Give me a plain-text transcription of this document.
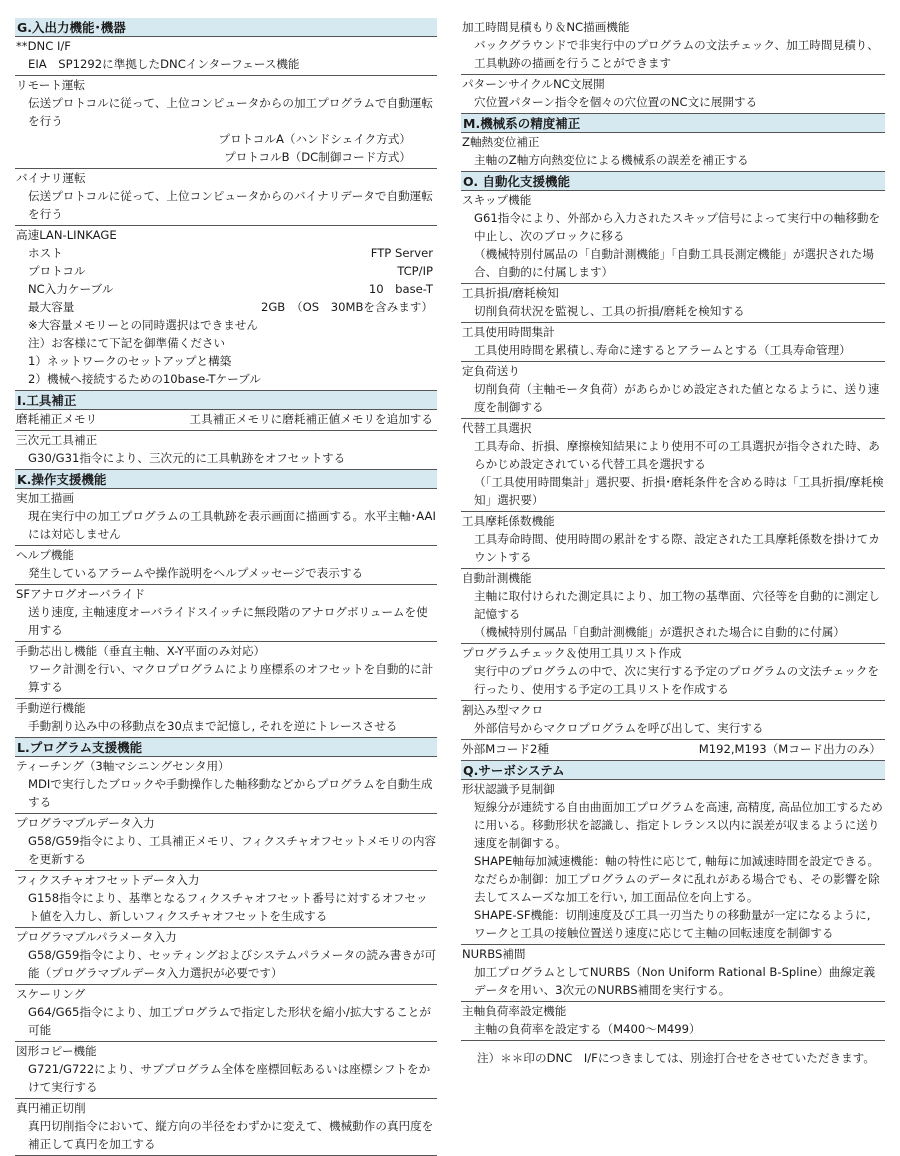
G.入出力機能･機器
**DNC I/F
EIA　SP1292に準拠したDNCインターフェース機能
リモート運転
伝送プロトコルに従って、上位コンピュータからの加工プログラムで自動運転を行う
プロトコルA（ハンドシェイク方式）
プロトコルB（DC制御コード方式）
バイナリ運転
伝送プロトコルに従って、上位コンピュータからのバイナリデータで自動運転を行う
高速LAN-LINKAGE
ホスト	FTP Server
プロトコル	TCP/IP
NC入力ケーブル	10　base-T
最大容量	2GB　（OS　30MBを含みます）
※大容量メモリーとの同時選択はできません
注）お客様にて下記を御準備ください
1）ネットワークのセットアップと構築
2）機械へ接続するための10base-Tケーブル
I.工具補正
磨耗補正メモリ	工具補正メモリに磨耗補正値メモリを追加する
三次元工具補正
G30/G31指令により、三次元的に工具軌跡をオフセットする
K.操作支援機能
実加工描画
現在実行中の加工プログラムの工具軌跡を表示画面に描画する。水平主軸･AAIには対応しません
ヘルプ機能
発生しているアラームや操作説明をヘルプメッセージで表示する
SFアナログオーバライド
送り速度, 主軸速度オーバライドスイッチに無段階のアナログボリュームを使用する
手動芯出し機能（垂直主軸、X-Y平面のみ対応）
ワーク計測を行い、マクロプログラムにより座標系のオフセットを自動的に計算する
手動逆行機能
手動割り込み中の移動点を30点まで記憶し, それを逆にトレースさせる
L.プログラム支援機能
ティーチング（3軸マシニングセンタ用）
MDIで実行したブロックや手動操作した軸移動などからプログラムを自動生成する
プログラマブルデータ入力
G58/G59指令により、工具補正メモリ、フィクスチャオフセットメモリの内容を更新する
フィクスチャオフセットデータ入力
G158指令により、基準となるフィクスチャオフセット番号に対するオフセット値を入力し、新しいフィクスチャオフセットを生成する
プログラマブルパラメータ入力
G58/G59指令により、セッティングおよびシステムパラメータの読み書きが可能（プログラマブルデータ入力選択が必要です）
スケーリング
G64/G65指令により、加工プログラムで指定した形状を縮小/拡大することが可能
図形コピー機能
G721/G722により、サブプログラム全体を座標回転あるいは座標シフトをかけて実行する
真円補正切削
真円切削指令において、縦方向の半径をわずかに変えて、機械動作の真円度を補正して真円を加工する
加工時間見積もり＆NC描画機能
バックグラウンドで非実行中のプログラムの文法チェック、加工時間見積り、工具軌跡の描画を行うことができます
パターンサイクルNC文展開
穴位置パターン指令を個々の穴位置のNC文に展開する
M.機械系の精度補正
Z軸熱変位補正
主軸のZ軸方向熱変位による機械系の誤差を補正する
O. 自動化支援機能
スキップ機能
G61指令により、外部から入力されたスキップ信号によって実行中の軸移動を中止し、次のブロックに移る
（機械特別付属品の「自動計測機能」「自動工具長測定機能」が選択された場合、自動的に付属します）
工具折損/磨耗検知
切削負荷状況を監視し、工具の折損/磨耗を検知する
工具使用時間集計
工具使用時間を累積し､寿命に達するとアラームとする（工具寿命管理）
定負荷送り
切削負荷（主軸モータ負荷）があらかじめ設定された値となるように、送り速度を制御する
代替工具選択
工具寿命、折損、摩擦検知結果により使用不可の工具選択が指令された時、あらかじめ設定されている代替工具を選択する
（「工具使用時間集計」選択要、折損･磨耗条件を含める時は「工具折損/摩耗検知」選択要）
工具摩耗係数機能
工具寿命時間、使用時間の累計をする際、設定された工具摩耗係数を掛けてカウントする
自動計測機能
主軸に取付けられた測定具により、加工物の基準面、穴径等を自動的に測定し記憶する
（機械特別付属品「自動計測機能」が選択された場合に自動的に付属）
プログラムチェック＆使用工具リスト作成
実行中のプログラムの中で、次に実行する予定のプログラムの文法チェックを行ったり、使用する予定の工具リストを作成する
割込み型マクロ
外部信号からマクロプログラムを呼び出して、実行する
外部Mコード2種	M192,M193（Mコード出力のみ）
Q.サーボシステム
形状認識予見制御
短線分が連続する自由曲面加工プログラムを高速, 高精度, 高品位加工するために用いる。移動形状を認識し、指定トレランス以内に誤差が収まるように送り速度を制御する。
SHAPE軸毎加減速機能：軸の特性に応じて, 軸毎に加減速時間を設定できる。
なだらか制御：加工プログラムのデータに乱れがある場合でも、その影響を除去してスムーズな加工を行い, 加工面品位を向上する。
SHAPE-SF機能：切削速度及び工具一刃当たりの移動量が一定になるように, ワークと工具の接触位置送り速度に応じて主軸の回転速度を制御する
NURBS補間
加工プログラムとしてNURBS（Non Uniform Rational B-Spline）曲線定義データを用い、3次元のNURBS補間を実行する。
主軸負荷率設定機能
主軸の負荷率を設定する（M400～M499）
注）＊＊印のDNC　I/Fにつきましては、別途打合せをさせていただきます。
